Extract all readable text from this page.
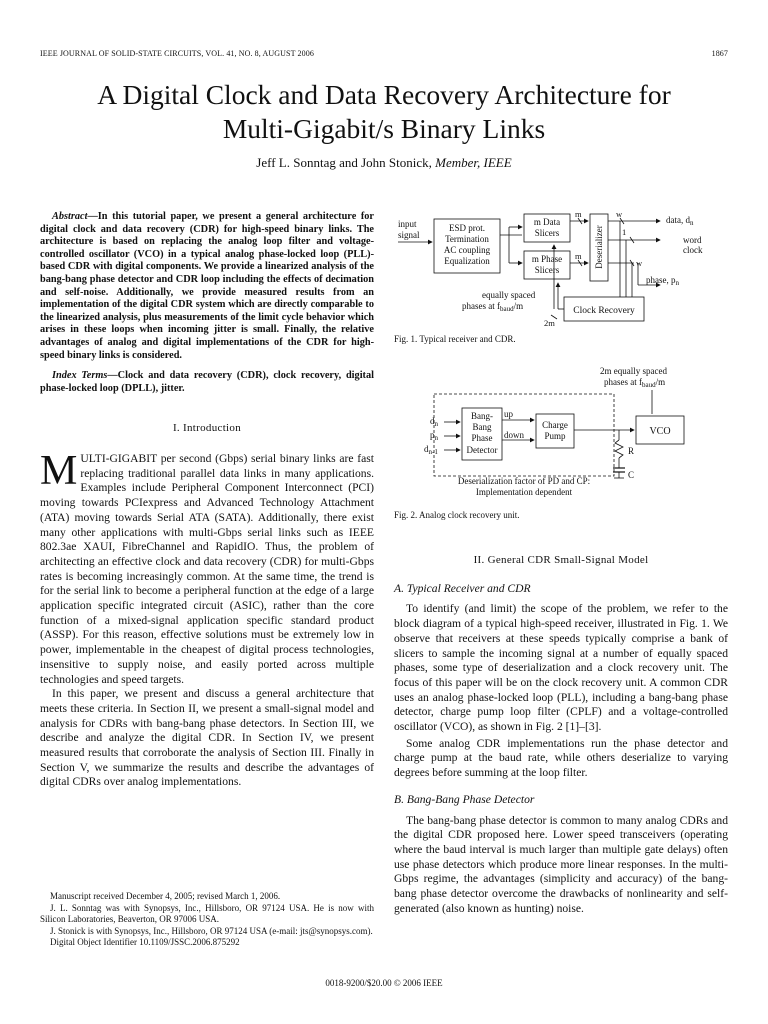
IEEE JOURNAL OF SOLID-STATE CIRCUITS, VOL. 41, NO. 8, AUGUST 2006	1867
A Digital Clock and Data Recovery Architecture for
Multi-Gigabit/s Binary Links
Jeff L. Sonntag and John Stonick, Member, IEEE
Abstract—In this tutorial paper, we present a general architecture for digital clock and data recovery (CDR) for high-speed binary links. The architecture is based on replacing the analog loop filter and voltage-controlled oscillator (VCO) in a typical analog phase-locked loop (PLL)-based CDR with digital components. We provide a linearized analysis of the bang-bang phase detector and CDR loop including the effects of decimation and self-noise. Additionally, we provide measured results from an implementation of the digital CDR system which are directly comparable to the linearized analysis, plus measurements of the limit cycle behavior which arises in these loops when incoming jitter is small. Finally, the relative advantages of analog and digital implementations of the CDR for high-speed binary links is considered.
Index Terms—Clock and data recovery (CDR), clock recovery, digital phase-locked loop (DPLL), jitter.
I. Introduction

MULTI-GIGABIT per second (Gbps) serial binary links are fast replacing traditional parallel data links in many applications. Examples include Peripheral Component Interconnect (PCI) moving towards PCIexpress and Advanced Technology Attachment (ATA) moving towards Serial ATA (SATA). Additionally, there exist many other applications with multi-Gbps serial links such as IEEE 802.3ae XAUI, FibreChannel and RapidIO. Thus, the problem of architecting an effective clock and data recovery (CDR) for multi-Gbps rates is becoming increasingly common. At the same time, the trend is for the serial link to become a peripheral function at the edge of a large application specific integrated circuit (ASIC), rather than the core function of a mixed-signal application specific standard product (ASSP). For this reason, effective solutions must be extremely low in power, implementable in the cheapest of digital process technologies, insensitive to supply noise, and easily ported across multiple technologies and speed targets.

In this paper, we present and discuss a general architecture that meets these criteria. In Section II, we present a small-signal model and analysis for CDRs with bang-bang phase detectors. In Section III, we describe and analyze the digital CDR. In Section IV, we present measured results that corroborate the analysis of Section III. Finally in Section V, we summarize the results and describe the advantages of digital CDRs over analog implementations.

Manuscript received December 4, 2005; revised March 1, 2006.

J. L. Sonntag was with Synopsys, Inc., Hillsboro, OR 97124 USA. He is now with Silicon Laboratories, Beaverton, OR 97006 USA.

J. Stonick is with Synopsys, Inc., Hillsboro, OR 97124 USA (e-mail: jts@synopsys.com).

Digital Object Identifier 10.1109/JSSC.2006.875292

input
signal
ESD prot.
Termination
AC coupling
Equalization
m Data
Slicers
m Phase
Slicers
m
m Deserializer
w
1
w
data, $d_n$
word
clock
phase, $p_n$
Clock Recovery
2m
equally spaced
phases at $f_{baud}/m$
Fig. 1. Typical receiver and CDR.
2m equally spaced
phases at $f_{baud}/m$
VCO
$d_n$
$p_n$
$d_{n-1}$
Bang-
Bang
Phase
Detector
up
down
Charge
Pump
R
C
Deserialization factor of PD and CP:
Implementation dependent
Fig. 2. Analog clock recovery unit.
II. General CDR Small-Signal Model
A. Typical Receiver and CDR

To identify (and limit) the scope of the problem, we refer to the block diagram of a typical high-speed receiver, illustrated in Fig. 1. We observe that receivers at these speeds typically comprise a bank of slicers to sample the incoming signal at a number of equally spaced phases, some type of deserialization and a clock recovery unit. The focus of this paper will be on the clock recovery unit. A common CDR uses an analog phase-locked loop (PLL), including a bang-bang phase detector, charge pump loop filter (CPLF) and a voltage-controlled oscillator (VCO), as shown in Fig. 2 [1]–[3].

Some analog CDR implementations run the phase detector and charge pump at the baud rate, while others deserialize to varying degrees before summing at the loop filter.

B. Bang-Bang Phase Detector

The bang-bang phase detector is common to many analog CDRs and the digital CDR proposed here. Lower speed transceivers (operating where the baud interval is much larger than multiple gate delays) often use phase detectors which produce more linear responses. In the multi-Gbps regime, the advantages (simplicity and accuracy) of the bang-bang phase detector overcome the drawbacks of nonlinearity and self-generated (also known as hunting) noise.

0018-9200/$20.00 © 2006 IEEE
